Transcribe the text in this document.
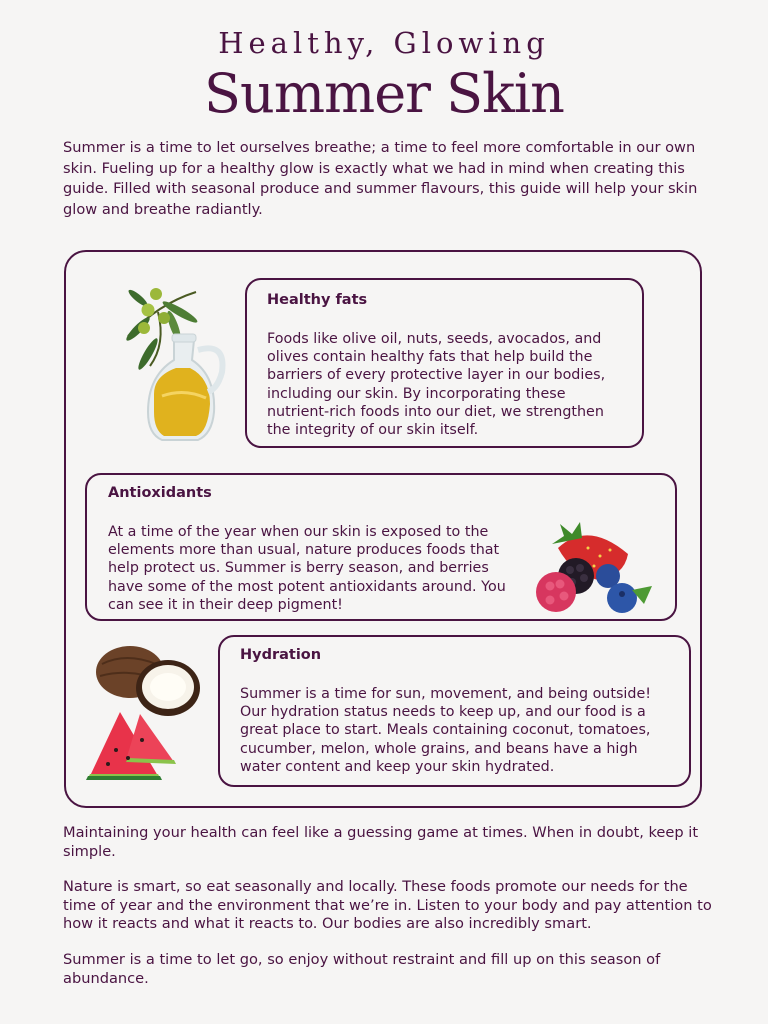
Healthy, Glowing
Summer Skin

Summer is a time to let ourselves breathe; a time to feel more comfortable in our own skin. Fueling up for a healthy glow is exactly what we had in mind when creating this guide. Filled with seasonal produce and summer flavours, this guide will help your skin glow and breathe radiantly.

Healthy fats

Foods like olive oil, nuts, seeds, avocados, and olives contain healthy fats that help build the barriers of every protective layer in our bodies, including our skin. By incorporating these nutrient-rich foods into our diet, we strengthen the integrity of our skin itself.

Antioxidants

At a time of the year when our skin is exposed to the elements more than usual, nature produces foods that help protect us. Summer is berry season, and berries have some of the most potent antioxidants around. You can see it in their deep pigment!

Hydration

Summer is a time for sun, movement, and being outside! Our hydration status needs to keep up, and our food is a great place to start. Meals containing coconut, tomatoes, cucumber, melon, whole grains, and beans have a high water content and keep your skin hydrated.

Maintaining your health can feel like a guessing game at times. When in doubt, keep it simple.

Nature is smart, so eat seasonally and locally. These foods promote our needs for the time of year and the environment that we’re in. Listen to your body and pay attention to how it reacts and what it reacts to. Our bodies are also incredibly smart.

Summer is a time to let go, so enjoy without restraint and fill up on this season of abundance.
